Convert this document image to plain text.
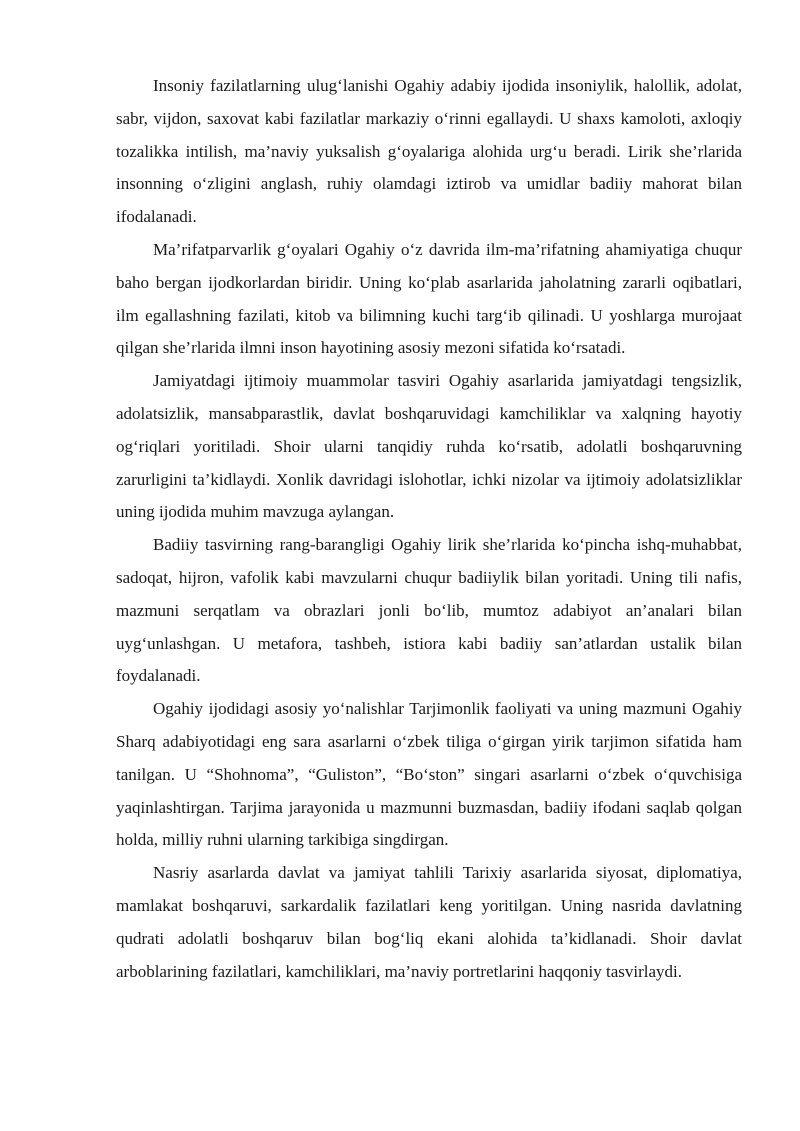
Insoniy fazilatlarning ulug‘lanishi Ogahiy adabiy ijodida insoniylik, halollik, adolat, sabr, vijdon, saxovat kabi fazilatlar markaziy o‘rinni egallaydi. U shaxs kamoloti, axloqiy tozalikka intilish, ma’naviy yuksalish g‘oyalariga alohida urg‘u beradi. Lirik she’rlarida insonning o‘zligini anglash, ruhiy olamdagi iztirob va umidlar badiiy mahorat bilan ifodalanadi.

Ma’rifatparvarlik g‘oyalari Ogahiy o‘z davrida ilm-ma’rifatning ahamiyatiga chuqur baho bergan ijodkorlardan biridir. Uning ko‘plab asarlarida jaholatning zararli oqibatlari, ilm egallashning fazilati, kitob va bilimning kuchi targ‘ib qilinadi. U yoshlarga murojaat qilgan she’rlarida ilmni inson hayotining asosiy mezoni sifatida ko‘rsatadi.

Jamiyatdagi ijtimoiy muammolar tasviri Ogahiy asarlarida jamiyatdagi tengsizlik, adolatsizlik, mansabparastlik, davlat boshqaruvidagi kamchiliklar va xalqning hayotiy og‘riqlari yoritiladi. Shoir ularni tanqidiy ruhda ko‘rsatib, adolatli boshqaruvning zarurligini ta’kidlaydi. Xonlik davridagi islohotlar, ichki nizolar va ijtimoiy adolatsizliklar uning ijodida muhim mavzuga aylangan.

Badiiy tasvirning rang-barangligi Ogahiy lirik she’rlarida ko‘pincha ishq-muhabbat, sadoqat, hijron, vafolik kabi mavzularni chuqur badiiylik bilan yoritadi. Uning tili nafis, mazmuni serqatlam va obrazlari jonli bo‘lib, mumtoz adabiyot an’analari bilan uyg‘unlashgan. U metafora, tashbeh, istiora kabi badiiy san’atlardan ustalik bilan foydalanadi.

Ogahiy ijodidagi asosiy yo‘nalishlar Tarjimonlik faoliyati va uning mazmuni Ogahiy Sharq adabiyotidagi eng sara asarlarni o‘zbek tiliga o‘girgan yirik tarjimon sifatida ham tanilgan. U “Shohnoma”, “Guliston”, “Bo‘ston” singari asarlarni o‘zbek o‘quvchisiga yaqinlashtirgan. Tarjima jarayonida u mazmunni buzmasdan, badiiy ifodani saqlab qolgan holda, milliy ruhni ularning tarkibiga singdirgan.

Nasriy asarlarda davlat va jamiyat tahlili Tarixiy asarlarida siyosat, diplomatiya, mamlakat boshqaruvi, sarkardalik fazilatlari keng yoritilgan. Uning nasrida davlatning qudrati adolatli boshqaruv bilan bog‘liq ekani alohida ta’kidlanadi. Shoir davlat arboblarining fazilatlari, kamchiliklari, ma’naviy portretlarini haqqoniy tasvirlaydi.
